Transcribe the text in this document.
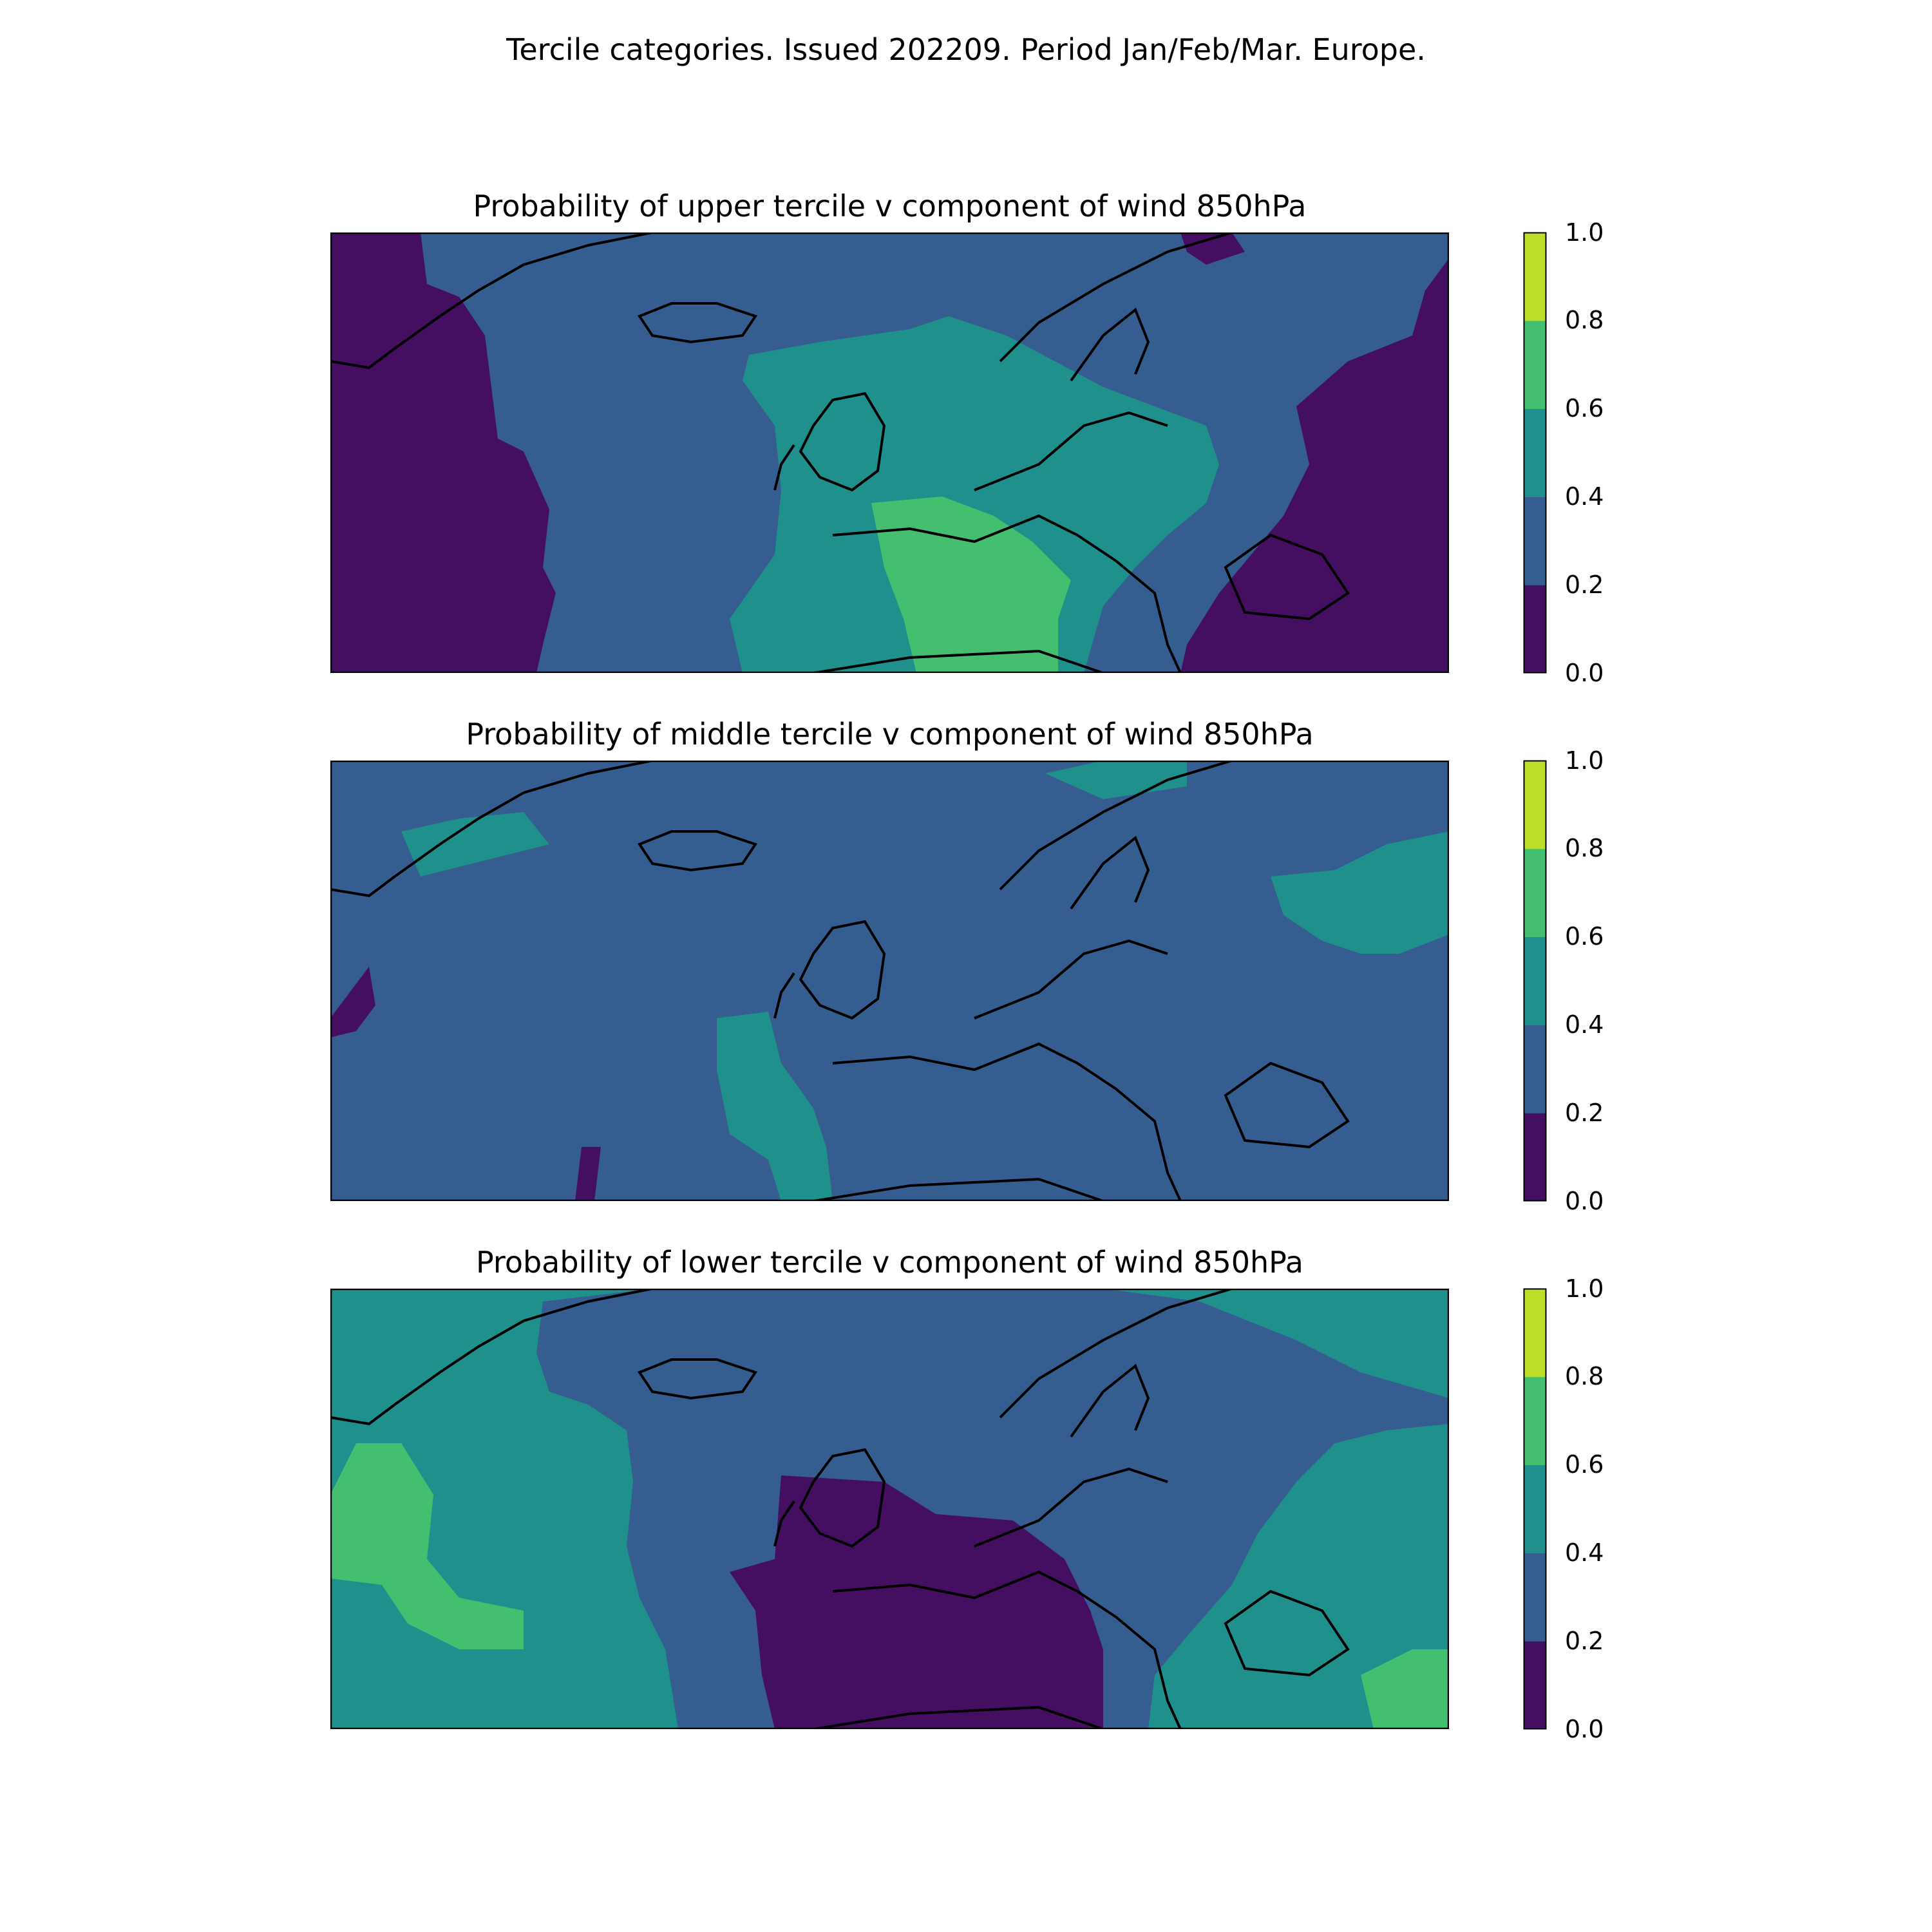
Tercile categories. Issued 202209. Period Jan/Feb/Mar. Europe.
Probability of upper tercile v component of wind 850hPa
0.0
0.2
0.4
0.6
0.8
1.0
Probability of middle tercile v component of wind 850hPa
0.0
0.2
0.4
0.6
0.8
1.0
Probability of lower tercile v component of wind 850hPa
0.0
0.2
0.4
0.6
0.8
1.0
